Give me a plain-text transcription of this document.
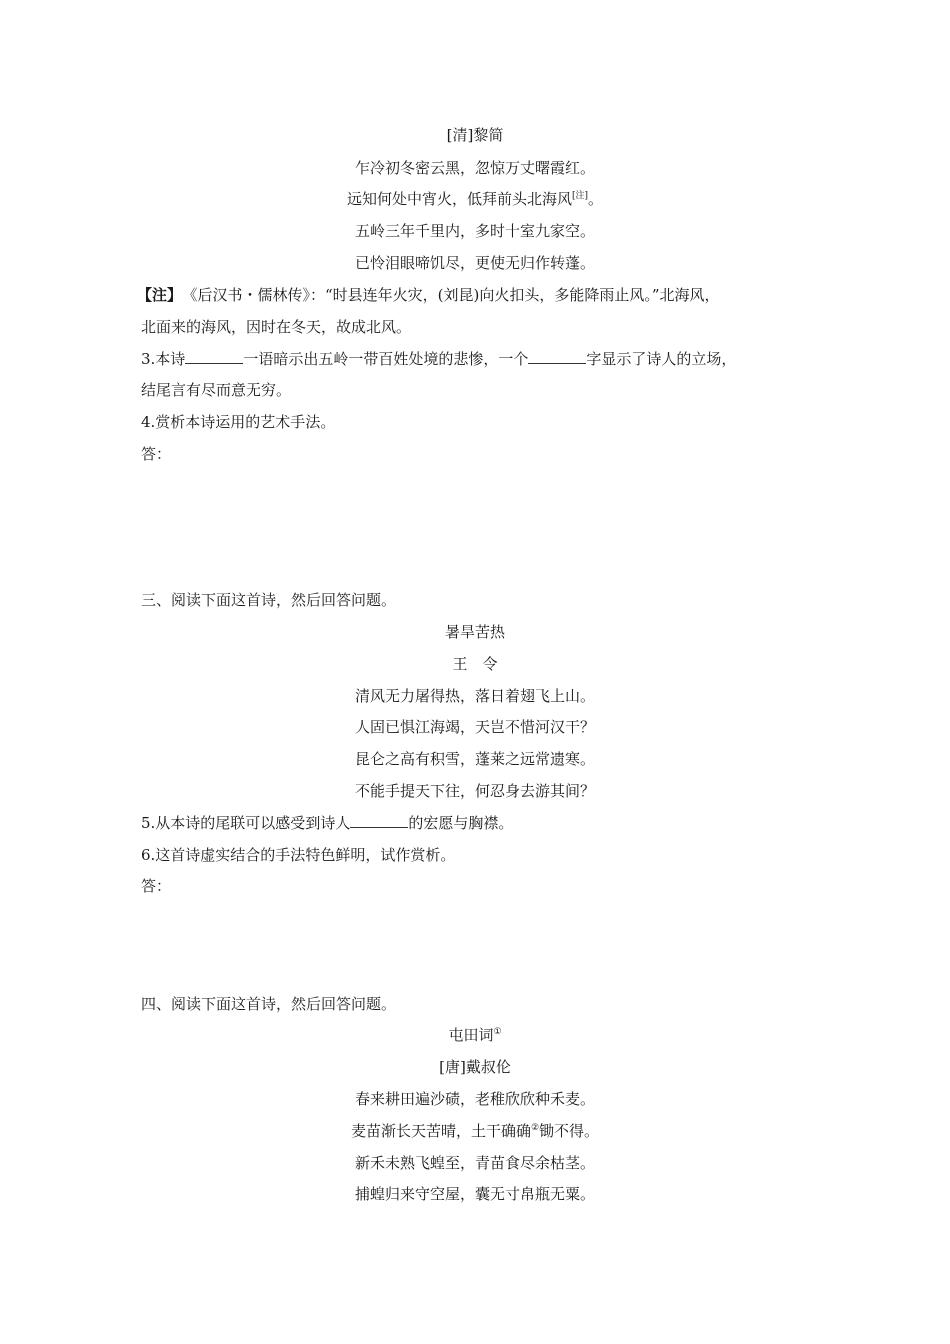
[清]黎简
乍冷初冬密云黑，忽惊万丈曙霞红。
远知何处中宵火，低拜前头北海风[注]。
五岭三年千里内，多时十室九家空。
已怜泪眼啼饥尽，更使无归作转蓬。
【注】 《后汉书・儒林传》：“时县连年火灾，(刘昆)向火扣头，多能降雨止风。”北海风，
北面来的海风，因时在冬天，故成北风。
3.本诗	一语暗示出五岭一带百姓处境的悲惨，一个	字显示了诗人的立场，
结尾言有尽而意无穷。
4.赏析本诗运用的艺术手法。
答：
三、阅读下面这首诗，然后回答问题。
暑旱苦热
王　令
清风无力屠得热，落日着翅飞上山。
人固已惧江海竭，天岂不惜河汉干？
昆仑之高有积雪，蓬莱之远常遗寒。
不能手提天下往，何忍身去游其间？
5.从本诗的尾联可以感受到诗人	的宏愿与胸襟。
6.这首诗虚实结合的手法特色鲜明，试作赏析。
答：
四、阅读下面这首诗，然后回答问题。
屯田词①
[唐]戴叔伦
春来耕田遍沙碛，老稚欣欣种禾麦。
麦苗渐长天苦晴，土干确确②锄不得。
新禾未熟飞蝗至，青苗食尽余枯茎。
捕蝗归来守空屋，囊无寸帛瓶无粟。
